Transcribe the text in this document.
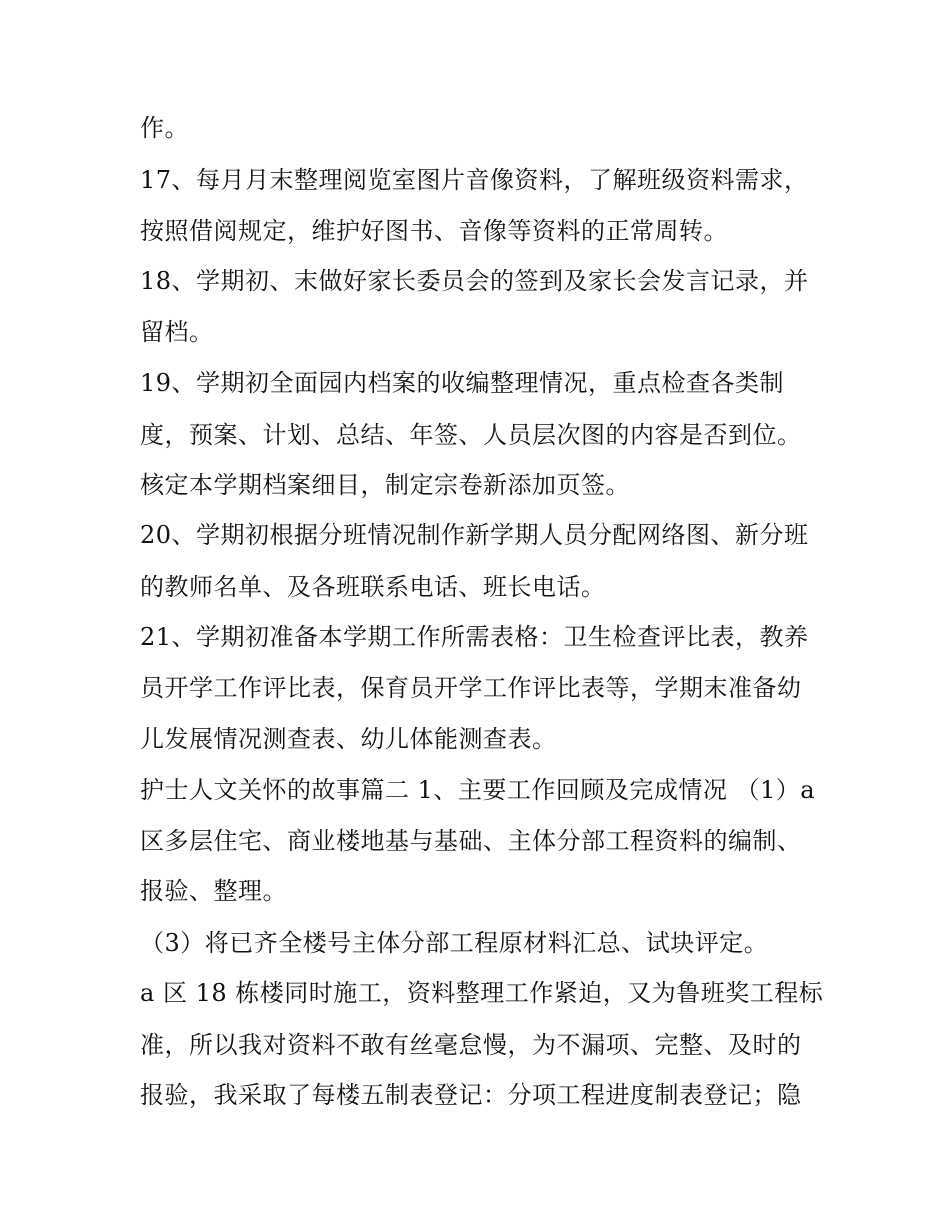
作。
17、每月月末整理阅览室图片音像资料，了解班级资料需求，
按照借阅规定，维护好图书、音像等资料的正常周转。
18、学期初、末做好家长委员会的签到及家长会发言记录，并
留档。
19、学期初全面园内档案的收编整理情况，重点检查各类制
度，预案、计划、总结、年签、人员层次图的内容是否到位。
核定本学期档案细目，制定宗卷新添加页签。
20、学期初根据分班情况制作新学期人员分配网络图、新分班
的教师名单、及各班联系电话、班长电话。
21、学期初准备本学期工作所需表格：卫生检查评比表，教养
员开学工作评比表，保育员开学工作评比表等，学期末准备幼
儿发展情况测查表、幼儿体能测查表。
护士人文关怀的故事篇二 1、主要工作回顾及完成情况 （1）a
区多层住宅、商业楼地基与基础、主体分部工程资料的编制、
报验、整理。
（3）将已齐全楼号主体分部工程原材料汇总、试块评定。
a 区 18 栋楼同时施工，资料整理工作紧迫，又为鲁班奖工程标
准，所以我对资料不敢有丝毫怠慢，为不漏项、完整、及时的
报验，我采取了每楼五制表登记：分项工程进度制表登记；隐
